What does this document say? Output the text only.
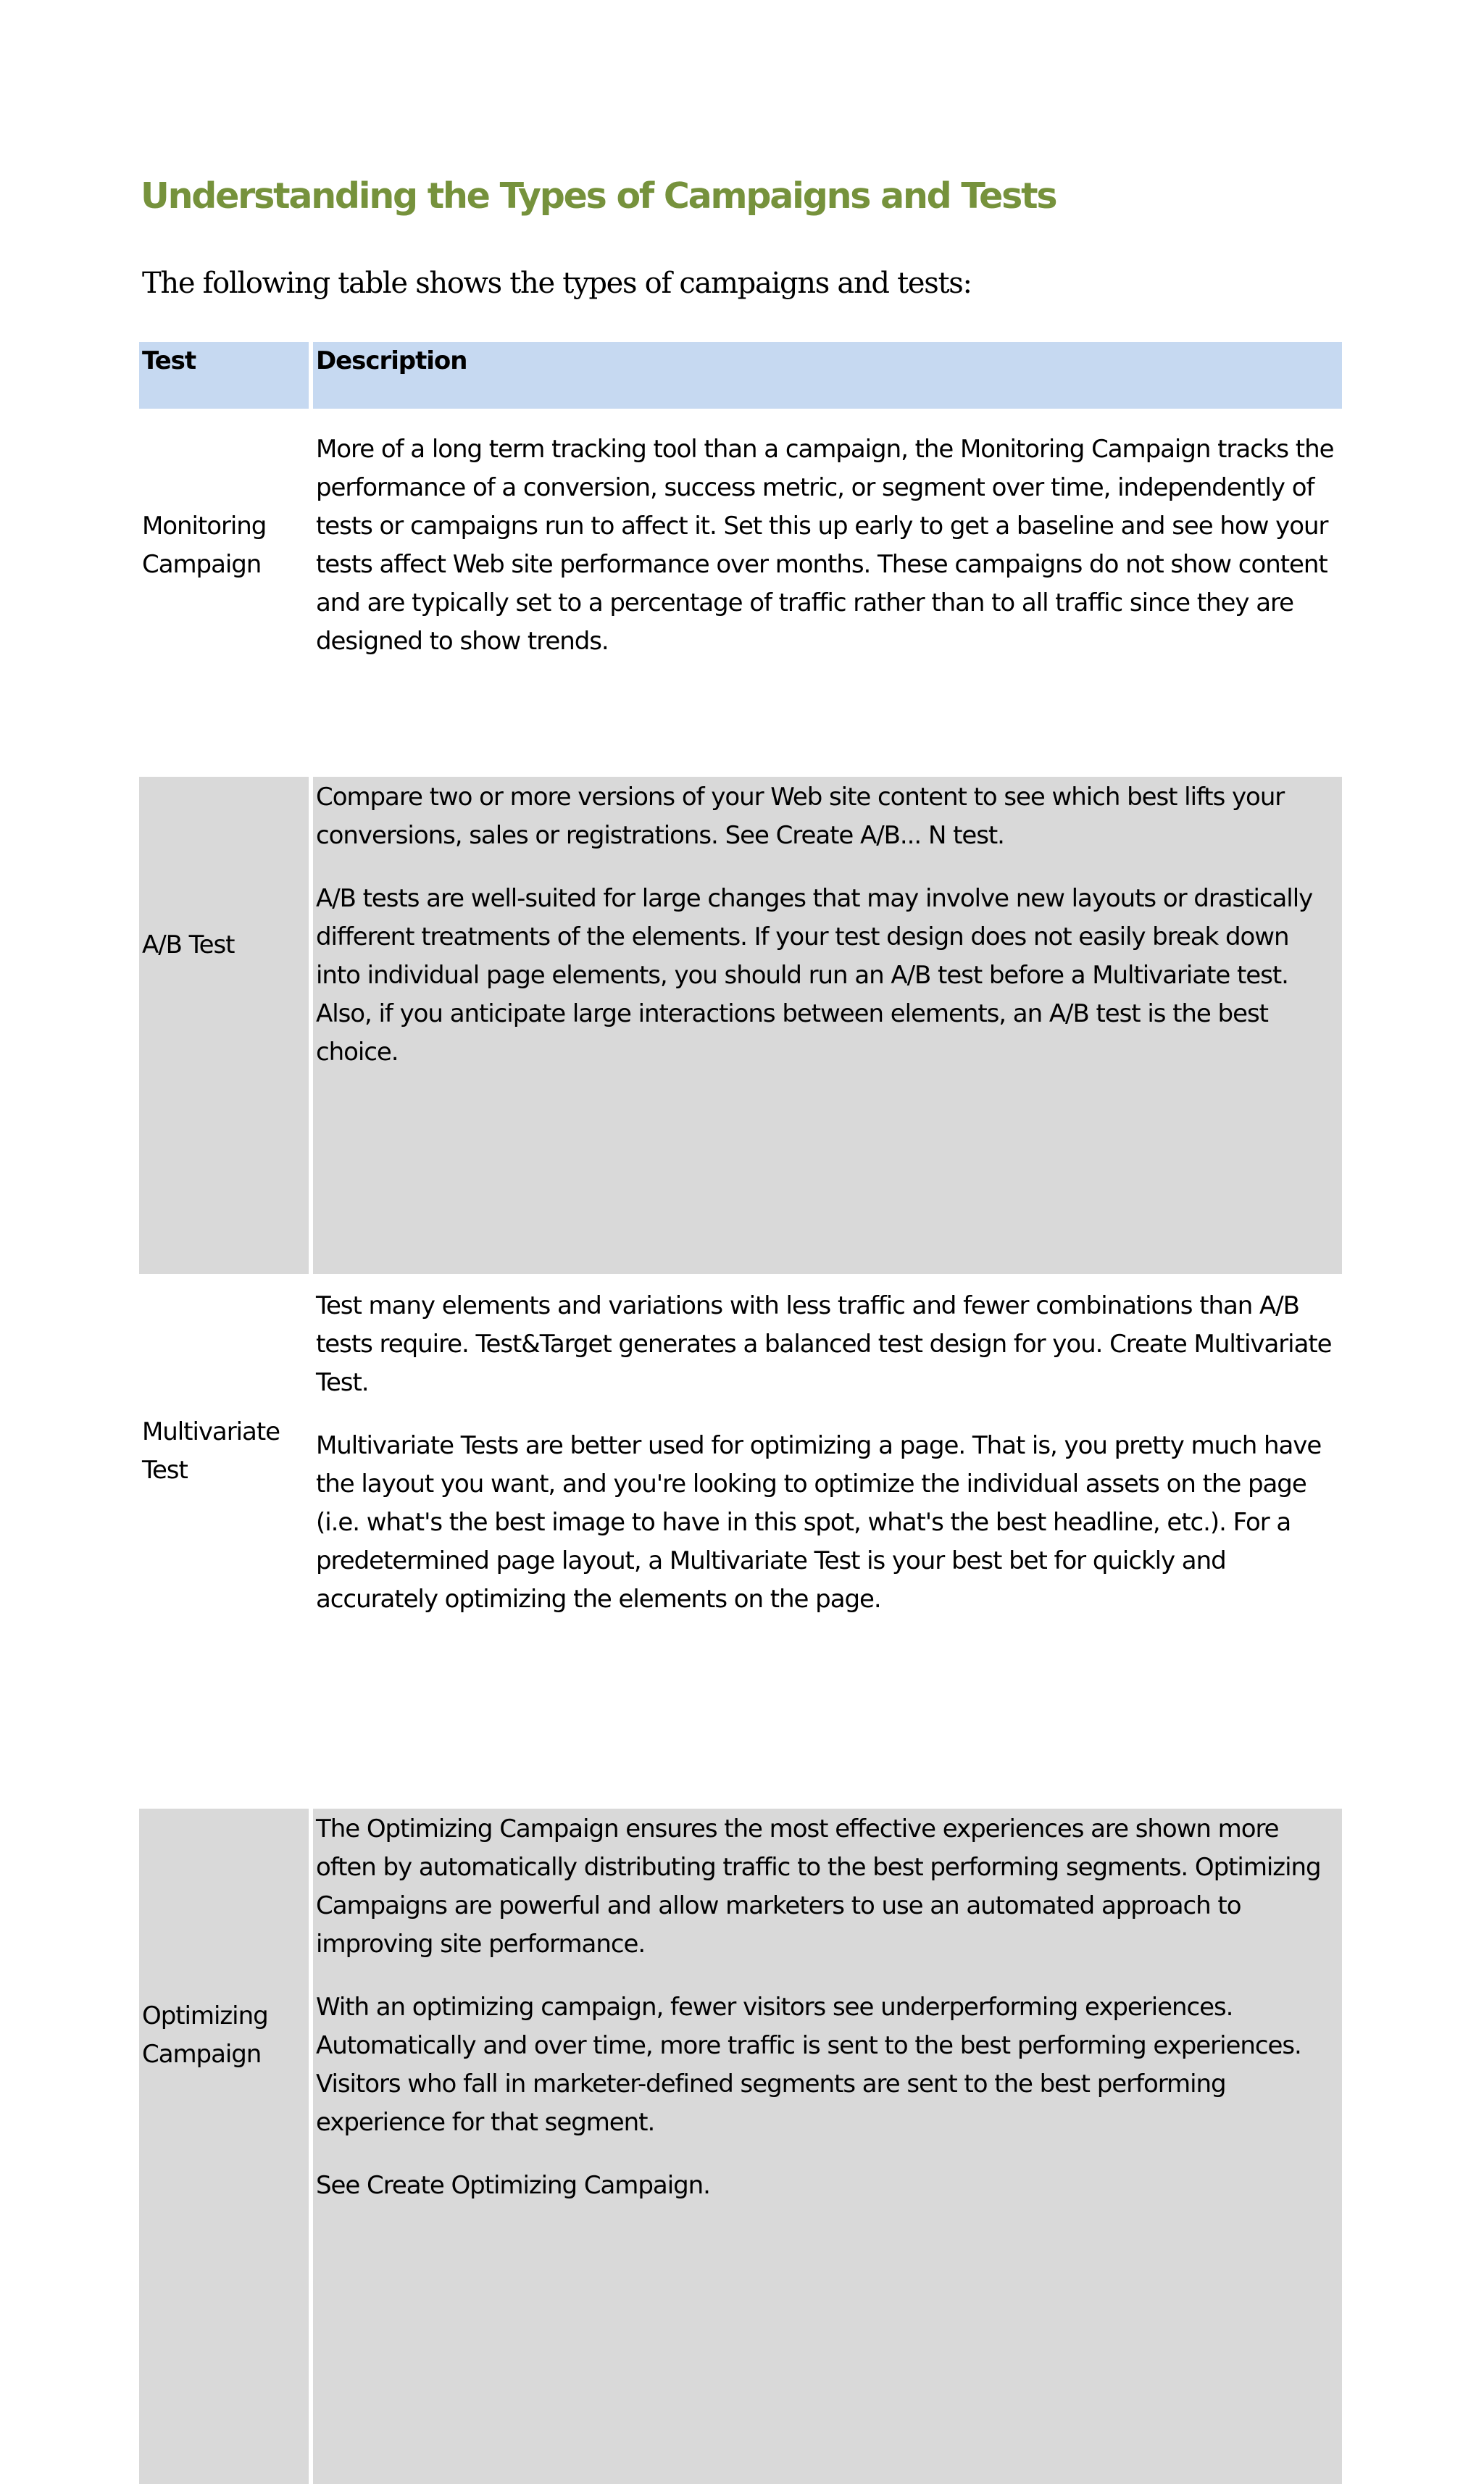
Understanding the Types of Campaigns and Tests

The following table shows the types of campaigns and tests:

Test	Description
Monitoring Campaign	More of a long term tracking tool than a campaign, the Monitoring Campaign tracks the performance of a conversion, success metric, or segment over time, independently of tests or campaigns run to affect it. Set this up early to get a baseline and see how your tests affect Web site performance over months. These campaigns do not show content and are typically set to a percentage of traffic rather than to all traffic since they are designed to show trends.

A/B Test	Compare two or more versions of your Web site content to see which best lifts your conversions, sales or registrations. See Create A/B... N test.

A/B tests are well-suited for large changes that may involve new layouts or drastically different treatments of the elements. If your test design does not easily break down into individual page elements, you should run an A/B test before a Multivariate test. Also, if you anticipate large interactions between elements, an A/B test is the best choice.

Multivariate Test	Test many elements and variations with less traffic and fewer combinations than A/B tests require. Test&Target generates a balanced test design for you. Create Multivariate Test.

Multivariate Tests are better used for optimizing a page. That is, you pretty much have the layout you want, and you're looking to optimize the individual assets on the page (i.e. what's the best image to have in this spot, what's the best headline, etc.). For a predetermined page layout, a Multivariate Test is your best bet for quickly and accurately optimizing the elements on the page.

Optimizing Campaign	The Optimizing Campaign ensures the most effective experiences are shown more often by automatically distributing traffic to the best performing segments. Optimizing Campaigns are powerful and allow marketers to use an automated approach to improving site performance.

With an optimizing campaign, fewer visitors see underperforming experiences. Automatically and over time, more traffic is sent to the best performing experiences. Visitors who fall in marketer-defined segments are sent to the best performing experience for that segment.

See Create Optimizing Campaign.
